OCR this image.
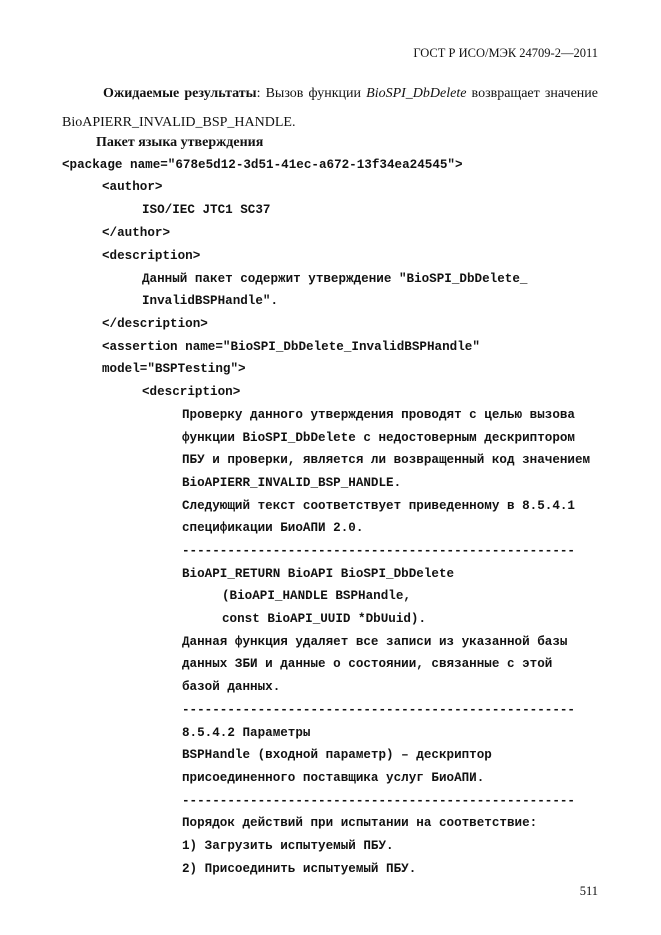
ГОСТ Р ИСО/МЭК 24709-2—2011
Ожидаемые результаты: Вызов функции BioSPI_DbDelete возвращает значение BioAPIERR_INVALID_BSP_HANDLE.
Пакет языка утверждения
<package name="678e5d12-3d51-41ec-a672-13f34ea24545">
<author>
ISO/IEC JTC1 SC37
</author>
<description>
Данный пакет содержит утверждение "BioSPI_DbDelete_
InvalidBSPHandle".
</description>
<assertion name="BioSPI_DbDelete_InvalidBSPHandle"
model="BSPTesting">
<description>
Проверку данного утверждения проводят с целью вызова
функции BioSPI_DbDelete с недостоверным дескриптором
ПБУ и проверки, является ли возвращенный код значением
BioAPIERR_INVALID_BSP_HANDLE.
Следующий текст соответствует приведенному в 8.5.4.1
спецификации БиоАПИ 2.0.
----------------------------------------------------
BioAPI_RETURN BioAPI BioSPI_DbDelete
(BioAPI_HANDLE BSPHandle,
const BioAPI_UUID *DbUuid).
Данная функция удаляет все записи из указанной базы
данных ЗБИ и данные о состоянии, связанные с этой
базой данных.
----------------------------------------------------
8.5.4.2 Параметры
BSPHandle (входной параметр) – дескриптор
присоединенного поставщика услуг БиоАПИ.
----------------------------------------------------
Порядок действий при испытании на соответствие:
1) Загрузить испытуемый ПБУ.
2) Присоединить испытуемый ПБУ.
511
